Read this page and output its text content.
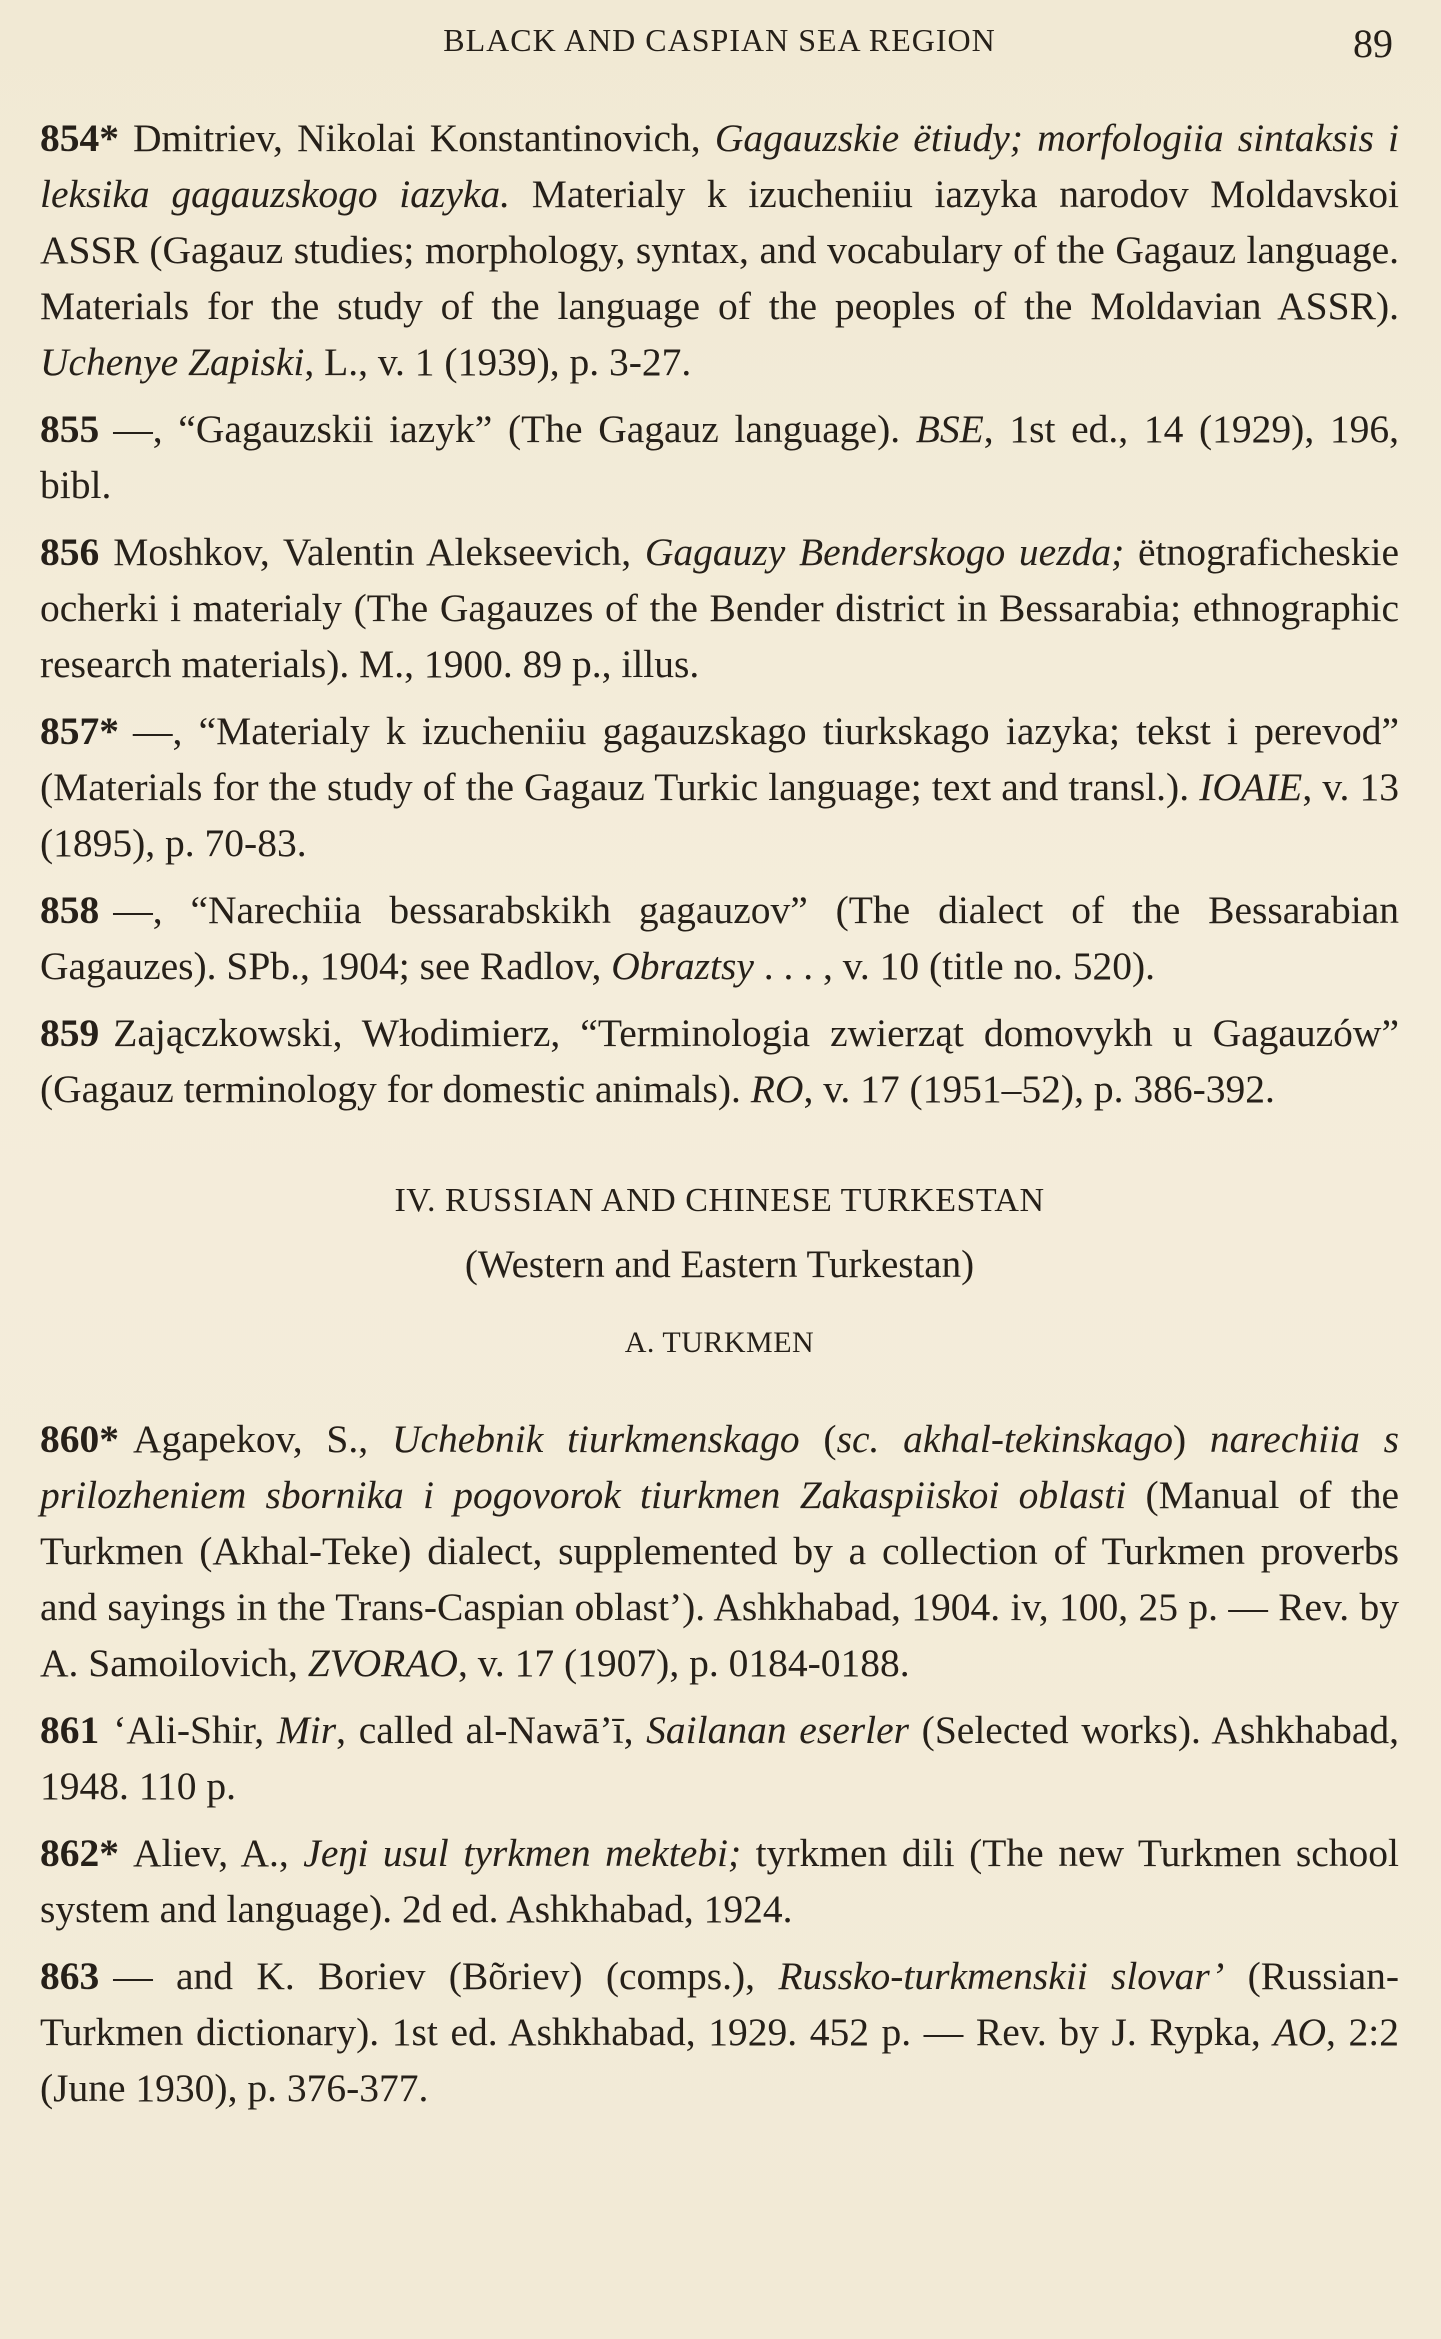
BLACK AND CASPIAN SEA REGION	89

854* Dmitriev, Nikolai Konstantinovich, Gagauzskie ëtiudy; morfologiia sintaksis i leksika gagauzskogo iazyka. Materialy k izucheniiu iazyka narodov Moldavskoi ASSR (Gagauz studies; morphology, syntax, and vocabulary of the Gagauz language. Materials for the study of the language of the peoples of the Moldavian ASSR). Uchenye Zapiski, L., v. 1 (1939), p. 3-27.

855 —, “Gagauzskii iazyk” (The Gagauz language). BSE, 1st ed., 14 (1929), 196, bibl.

856 Moshkov, Valentin Alekseevich, Gagauzy Benderskogo uezda; ëtnograficheskie ocherki i materialy (The Gagauzes of the Bender district in Bessarabia; ethnographic research materials). M., 1900. 89 p., illus.

857* —, “Materialy k izucheniiu gagauzskago tiurkskago iazyka; tekst i perevod” (Materials for the study of the Gagauz Turkic language; text and transl.). IOAIE, v. 13 (1895), p. 70-83.

858 —, “Narechiia bessarabskikh gagauzov” (The dialect of the Bessarabian Gagauzes). SPb., 1904; see Radlov, Obraztsy . . . , v. 10 (title no. 520).

859 Zajączkowski, Włodimierz, “Terminologia zwierząt domovykh u Gagauzów” (Gagauz terminology for domestic animals). RO, v. 17 (1951–52), p. 386-392.

IV. RUSSIAN AND CHINESE TURKESTAN
(Western and Eastern Turkestan)
A. TURKMEN

860* Agapekov, S., Uchebnik tiurkmenskago (sc. akhal-tekinskago) narechiia s prilozheniem sbornika i pogovorok tiurkmen Zakaspiiskoi oblasti (Manual of the Turkmen (Akhal-Teke) dialect, supplemented by a collection of Turkmen proverbs and sayings in the Trans-Caspian oblast’). Ashkhabad, 1904. iv, 100, 25 p. — Rev. by A. Samoilovich, ZVORAO, v. 17 (1907), p. 0184-0188.

861 ‘Ali-Shir, Mir, called al-Nawā’ī, Sailanan eserler (Selected works). Ashkhabad, 1948. 110 p.

862* Aliev, A., Jeŋi usul tyrkmen mektebi; tyrkmen dili (The new Turkmen school system and language). 2d ed. Ashkhabad, 1924.

863 — and K. Boriev (Bõriev) (comps.), Russko-turkmenskii slovar’ (Russian-Turkmen dictionary). 1st ed. Ashkhabad, 1929. 452 p. — Rev. by J. Rypka, AO, 2:2 (June 1930), p. 376-377.
